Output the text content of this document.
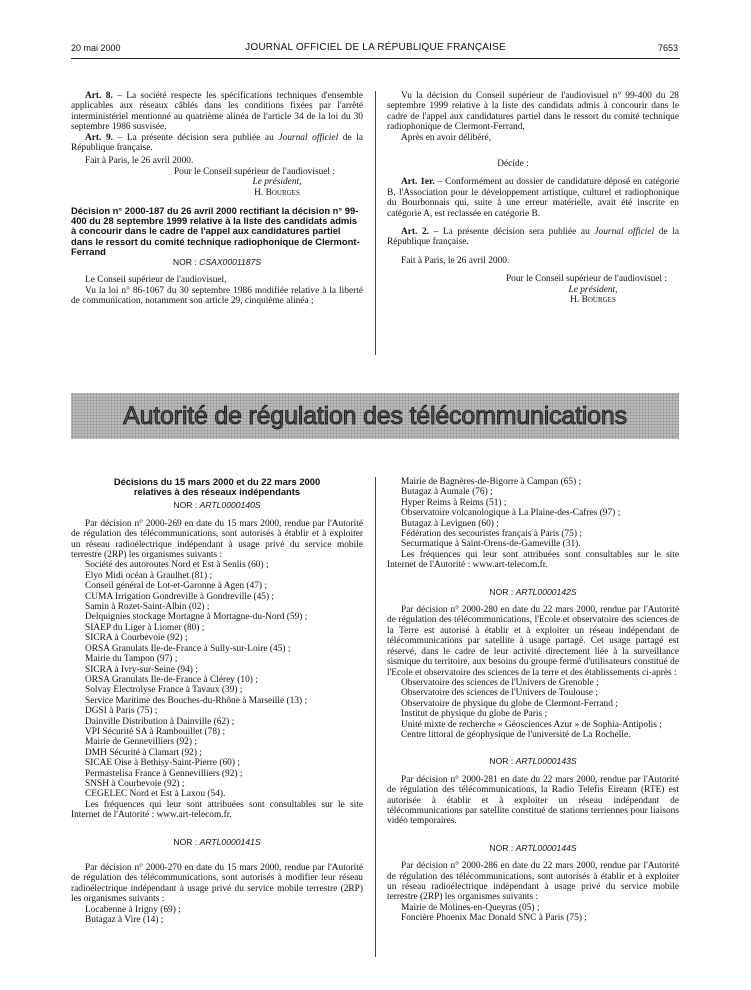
20 mai 2000	JOURNAL OFFICIEL DE LA RÉPUBLIQUE FRANÇAISE	7653

Art. 8. – La société respecte les spécifications techniques d'ensemble applicables aux réseaux câblés dans les conditions fixées par l'arrêté interministériel mentionné au quatrième alinéa de l'article 34 de la loi du 30 septembre 1986 susvisée.

Art. 9. – La présente décision sera publiée au Journal officiel de la République française.

Fait à Paris, le 26 avril 2000.

Pour le Conseil supérieur de l'audiovisuel :

Le président,

H. Bourges

Décision n° 2000-187 du 26 avril 2000 rectifiant la décision n° 99-400 du 28 septembre 1999 relative à la liste des candidats admis à concourir dans le cadre de l'appel aux candidatures partiel dans le ressort du comité technique radiophonique de Clermont-Ferrand

NOR : CSAX0001187S

Le Conseil supérieur de l'audiovisuel,

Vu la loi n° 86-1067 du 30 septembre 1986 modifiée relative à la liberté de communication, notamment son article 29, cinquième alinéa ;

Vu la décision du Conseil supérieur de l'audiovisuel n° 99-400 du 28 septembre 1999 relative à la liste des candidats admis à concourir dans le cadre de l'appel aux candidatures partiel dans le ressort du comité technique radiophonique de Clermont-Ferrand,

Après en avoir délibéré,

Décide :

Art. 1er. – Conformément au dossier de candidature déposé en catégorie B, l'Association pour le développement artistique, culturel et radiophonique du Bourbonnais qui, suite à une erreur matérielle, avait été inscrite en catégorie A, est reclassée en catégorie B.

Art. 2. – La présente décision sera publiée au Journal officiel de la République française.

Fait à Paris, le 26 avril 2000.

Pour le Conseil supérieur de l'audiovisuel :

Le président,

H. Bourges

Autorité de régulation des télécommunications

Décisions du 15 mars 2000 et du 22 mars 2000 relatives à des réseaux indépendants

NOR : ARTL0000140S

Par décision n° 2000-269 en date du 15 mars 2000, rendue par l'Autorité de régulation des télécommunications, sont autorisés à établir et à exploiter un réseau radioélectrique indépendant à usage privé du service mobile terrestre (2RP) les organismes suivants :

Société des autoroutes Nord et Est à Senlis (60) ;

Elyo Midi océan à Graulhet (81) ;

Conseil général de Lot-et-Garonne à Agen (47) ;

CUMA Irrigation Gondreville à Gondreville (45) ;

Samin à Rozet-Saint-Albin (02) ;

Delquignies stockage Mortagne à Mortagne-du-Nord (59) ;

SIAEP du Liger à Liomer (80) ;

SICRA à Courbevoie (92) ;

ORSA Granulats Ile-de-France à Sully-sur-Loire (45) ;

Mairie du Tampon (97) ;

SICRA à Ivry-sur-Seine (94) ;

ORSA Granulats Ile-de-France à Clérey (10) ;

Solvay Electrolyse France à Tavaux (39) ;

Service Maritime des Bouches-du-Rhône à Marseille (13) ;

DGSI à Paris (75) ;

Dainville Distribution à Dainville (62) ;

VPI Sécurité SA à Rambouillet (78) ;

Mairie de Gennevilliers (92) ;

DMH Sécurité à Clamart (92) ;

SICAE Oise à Bethisy-Saint-Pierre (60) ;

Permastelisa France à Gennevilliers (92) ;

SNSH à Courbevoie (92) ;

CEGELEC Nord et Est à Laxou (54).

Les fréquences qui leur sont attribuées sont consultables sur le site Internet de l'Autorité : www.art-telecom.fr.

NOR : ARTL0000141S

Par décision n° 2000-270 en date du 15 mars 2000, rendue par l'Autorité de régulation des télécommunications, sont autorisés à modifier leur réseau radioélectrique indépendant à usage privé du service mobile terrestre (2RP) les organismes suivants :

Locabenne à Irigny (69) ;

Butagaz à Vire (14) ;

Mairie de Bagnères-de-Bigorre à Campan (65) ;

Butagaz à Aumale (76) ;

Hyper Reims à Reims (51) ;

Observatoire volcanologique à La Plaine-des-Cafres (97) ;

Butagaz à Levignen (60) ;

Fédération des secouristes français à Paris (75) ;

Securmatique à Saint-Orens-de-Gameville (31).

Les fréquences qui leur sont attribuées sont consultables sur le site Internet de l'Autorité : www.art-telecom.fr.

NOR : ARTL0000142S

Par décision n° 2000-280 en date du 22 mars 2000, rendue par l'Autorité de régulation des télécommunications, l'Ecole et observatoire des sciences de la Terre est autorisé à établir et à exploiter un réseau indépendant de télécommunications par satellite à usage partagé. Cet usage partagé est réservé, dans le cadre de leur activité directement liée à la surveillance sismique du territoire, aux besoins du groupe fermé d'utilisateurs constitué de l'Ecole et observatoire des sciences de la terre et des établissements ci-après :

Observatoire des sciences de l'Univers de Grenoble ;

Observatoire des sciences de l'Univers de Toulouse ;

Observatoire de physique du globe de Clermont-Ferrand ;

Institut de physique du globe de Paris ;

Unité mixte de recherche « Géosciences Azur » de Sophia-Antipolis ;

Centre littoral de géophysique de l'université de La Rochelle.

NOR : ARTL0000143S

Par décision n° 2000-281 en date du 22 mars 2000, rendue par l'Autorité de régulation des télécommunications, la Radio Telefis Eireann (RTE) est autorisée à établir et à exploiter un réseau indépendant de télécommunications par satellite constitué de stations terriennes pour liaisons vidéo temporaires.

NOR : ARTL0000144S

Par décision n° 2000-286 en date du 22 mars 2000, rendue par l'Autorité de régulation des télécommunications, sont autorisés à établir et à exploiter un réseau radioélectrique indépendant à usage privé du service mobile terrestre (2RP) les organismes suivants :

Mairie de Molines-en-Queyras (05) ;

Foncière Phoenix Mac Donald SNC à Paris (75) ;
